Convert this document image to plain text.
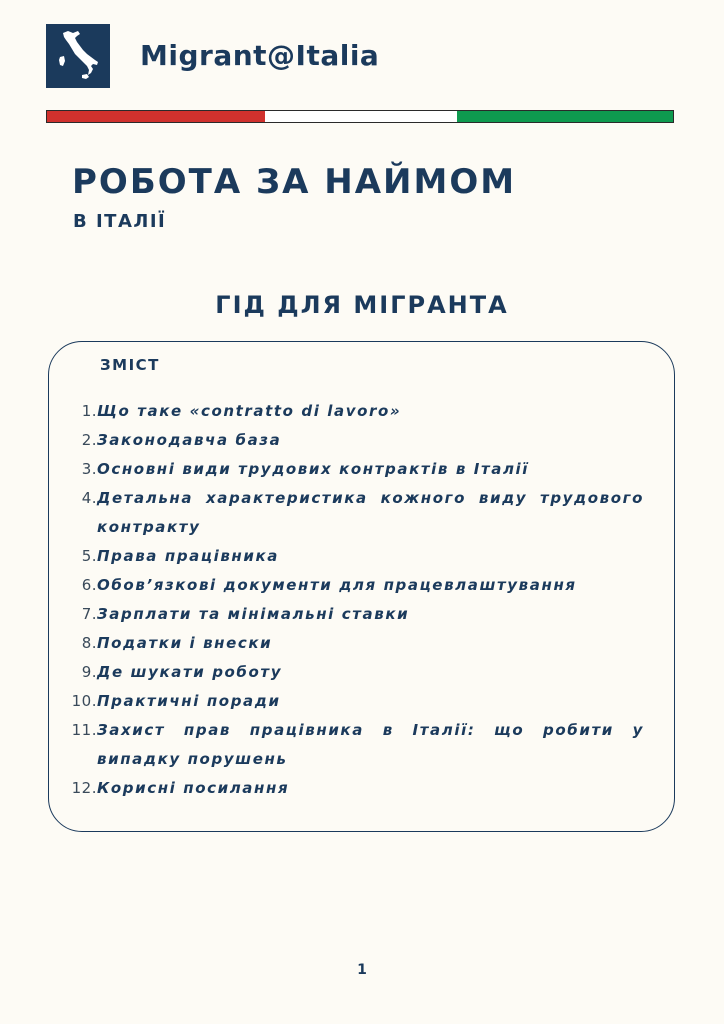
Migrant@Italia
РОБОТА ЗА НАЙМОМ
В ІТАЛІЇ
ГІД ДЛЯ МІГРАНТА
ЗМІСТ
1. Що таке «contratto di lavoro»
2. Законодавча база
3. Основні види трудових контрактів в Італії
4. Детальна характеристика кожного виду трудового контракту
5. Права працівника
6. Обов’язкові документи для працевлаштування
7. Зарплати та мінімальні ставки
8. Податки і внески
9. Де шукати роботу
10. Практичні поради
11. Захист прав працівника в Італії: що робити у випадку порушень
12. Корисні посилання
1
